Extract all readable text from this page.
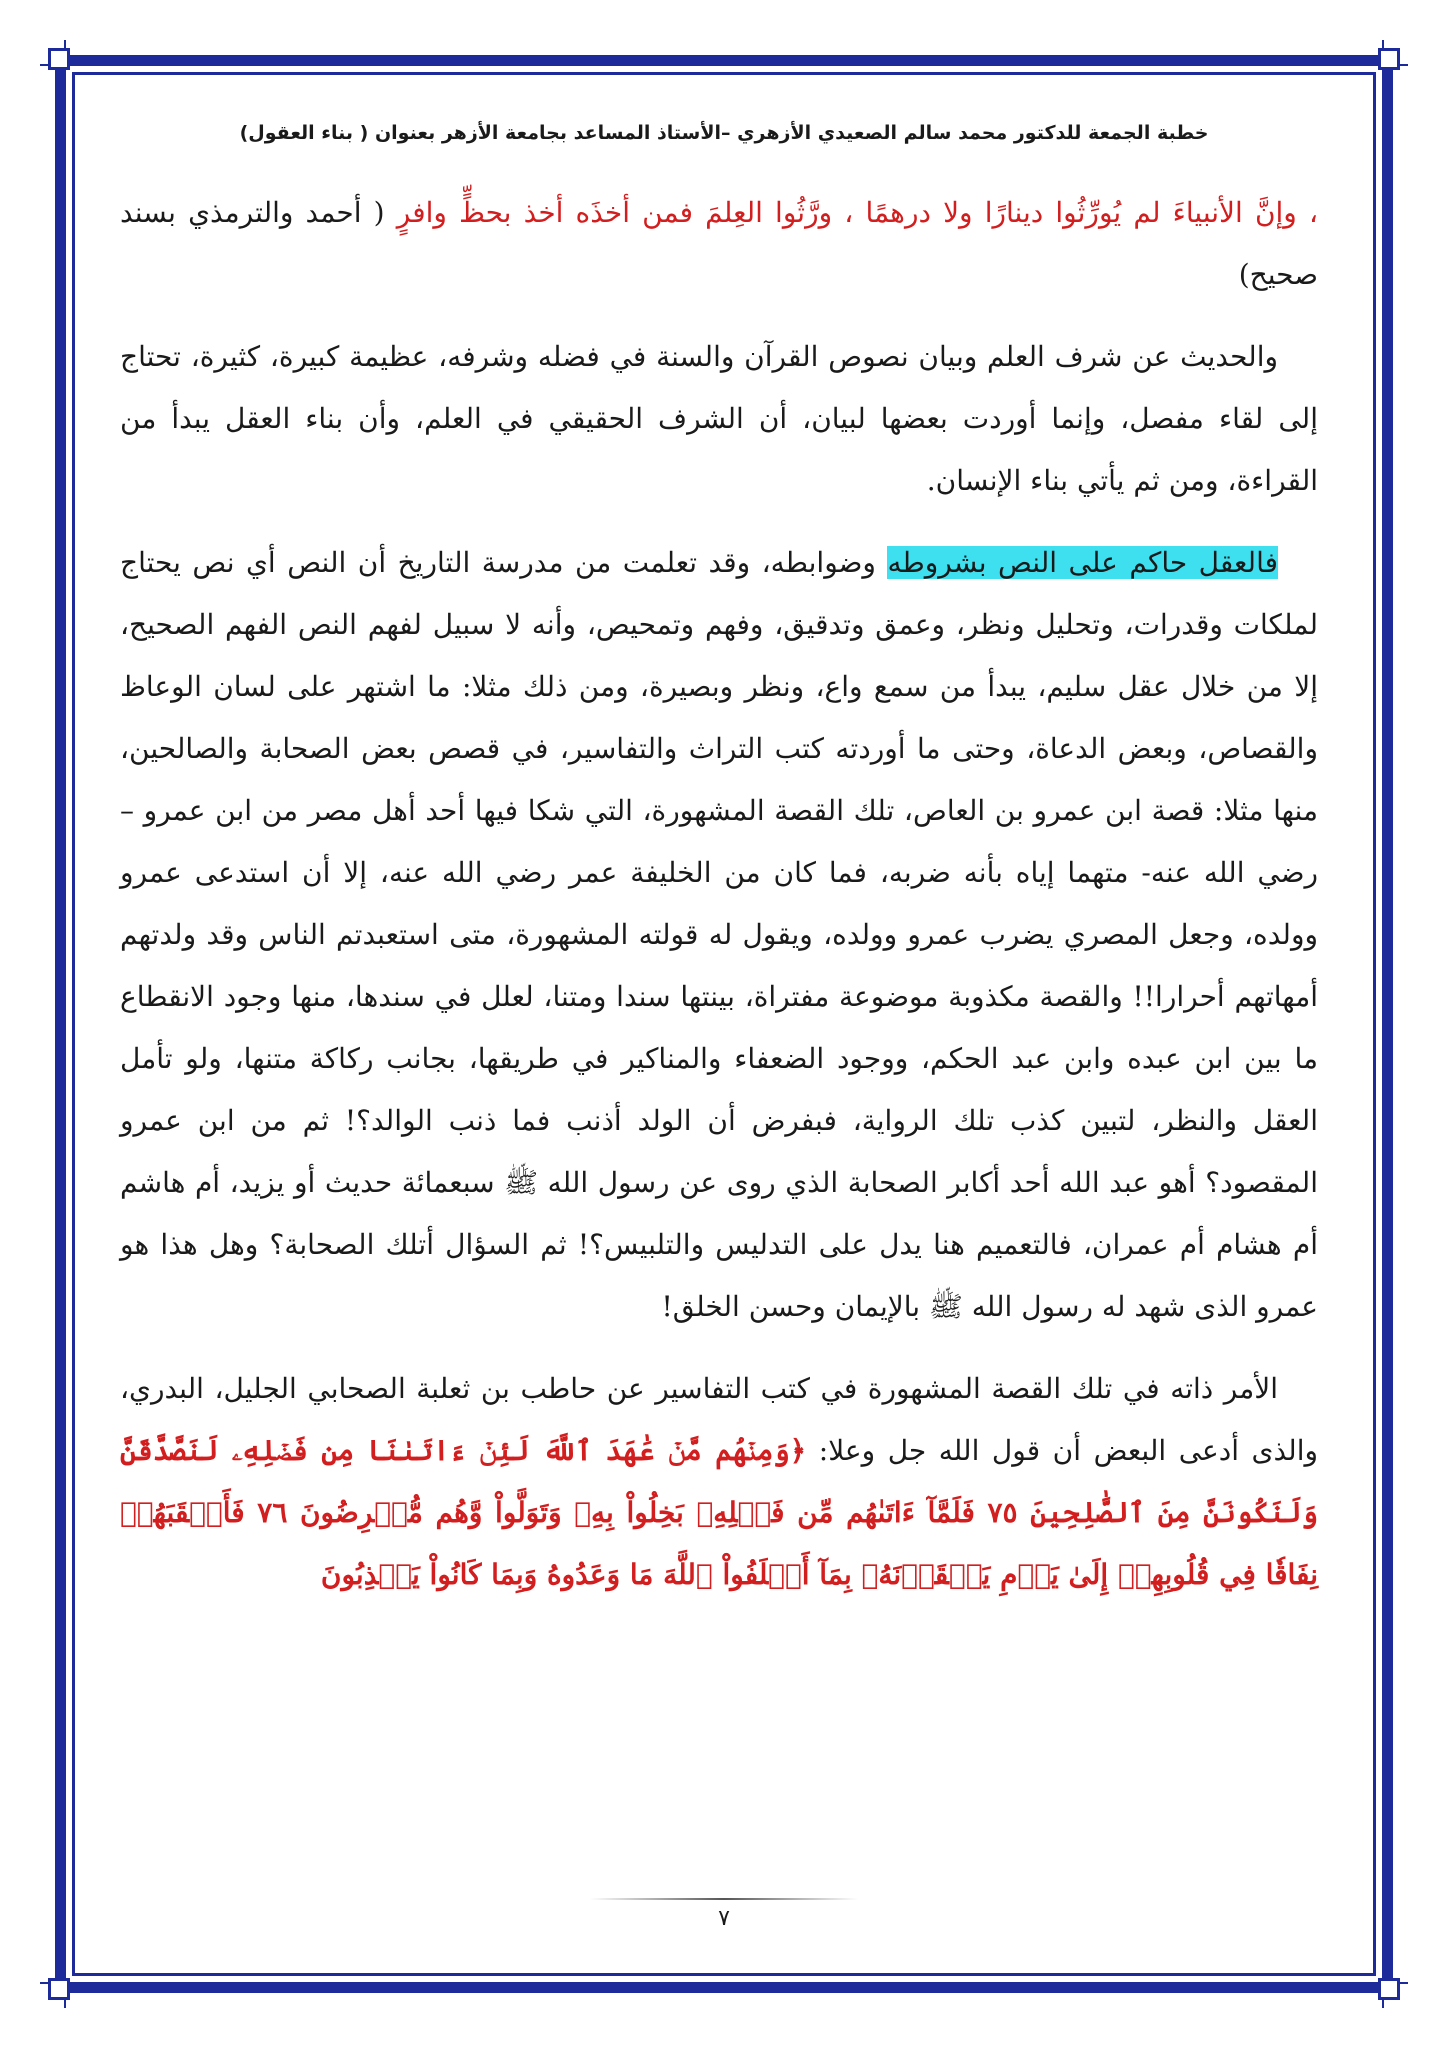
خطبة الجمعة للدكتور محمد سالم الصعيدي الأزهري –الأستاذ المساعد بجامعة الأزهر بعنوان ( بناء العقول)

، وإنَّ الأنبياءَ لم يُورِّثُوا دينارًا ولا درهمًا ، ورَّثُوا العِلمَ فمن أخذَه أخذ بحظٍّ وافرٍ ( أحمد والترمذي بسند صحيح)

والحديث عن شرف العلم وبيان نصوص القرآن والسنة في فضله وشرفه، عظيمة كبيرة، كثيرة، تحتاج إلى لقاء مفصل، وإنما أوردت بعضها لبيان، أن الشرف الحقيقي في العلم، وأن بناء العقل يبدأ من القراءة، ومن ثم يأتي بناء الإنسان.

فالعقل حاكم على النص بشروطه وضوابطه، وقد تعلمت من مدرسة التاريخ أن النص أي نص يحتاج لملكات وقدرات، وتحليل ونظر، وعمق وتدقيق، وفهم وتمحيص، وأنه لا سبيل لفهم النص الفهم الصحيح، إلا من خلال عقل سليم، يبدأ من سمع واع، ونظر وبصيرة، ومن ذلك مثلا: ما اشتهر على لسان الوعاظ والقصاص، وبعض الدعاة، وحتى ما أوردته كتب التراث والتفاسير، في قصص بعض الصحابة والصالحين، منها مثلا: قصة ابن عمرو بن العاص، تلك القصة المشهورة، التي شكا فيها أحد أهل مصر من ابن عمرو – رضي الله عنه- متهما إياه بأنه ضربه، فما كان من الخليفة عمر رضي الله عنه، إلا أن استدعى عمرو وولده، وجعل المصري يضرب عمرو وولده، ويقول له قولته المشهورة، متى استعبدتم الناس وقد ولدتهم أمهاتهم أحرارا!! والقصة مكذوبة موضوعة مفتراة، بينتها سندا ومتنا، لعلل في سندها، منها وجود الانقطاع ما بين ابن عبده وابن عبد الحكم، ووجود الضعفاء والمناكير في طريقها، بجانب ركاكة متنها، ولو تأمل العقل والنظر، لتبين كذب تلك الرواية، فبفرض أن الولد أذنب فما ذنب الوالد؟! ثم من ابن عمرو المقصود؟ أهو عبد الله أحد أكابر الصحابة الذي روى عن رسول الله ﷺ سبعمائة حديث أو يزيد، أم هاشم أم هشام أم عمران، فالتعميم هنا يدل على التدليس والتلبيس؟! ثم السؤال أتلك الصحابة؟ وهل هذا هو عمرو الذى شهد له رسول الله ﷺ بالإيمان وحسن الخلق!

الأمر ذاته في تلك القصة المشهورة في كتب التفاسير عن حاطب بن ثعلبة الصحابي الجليل، البدري، والذى أدعى البعض أن قول الله جل وعلا: ﴿وَمِنۡهُم مَّنۡ عَٰهَدَ ٱللَّهَ لَئِنۡ ءَاتَىٰنَا مِن فَضۡلِهِۦ لَنَصَّدَّقَنَّ وَلَنَكُونَنَّ مِنَ ٱلصَّٰلِحِينَ ٧٥ فَلَمَّآ ءَاتَىٰهُم مِّن فَضۡلِهِۦ بَخِلُواْ بِهِۦ وَتَوَلَّواْ وَّهُم مُّعۡرِضُونَ ٧٦ فَأَعۡقَبَهُمۡ نِفَاقٗا فِي قُلُوبِهِمۡ إِلَىٰ يَوۡمِ يَلۡقَوۡنَهُۥ بِمَآ أَخۡلَفُواْ ٱللَّهَ مَا وَعَدُوهُ وَبِمَا كَانُواْ يَكۡذِبُونَ

٧
